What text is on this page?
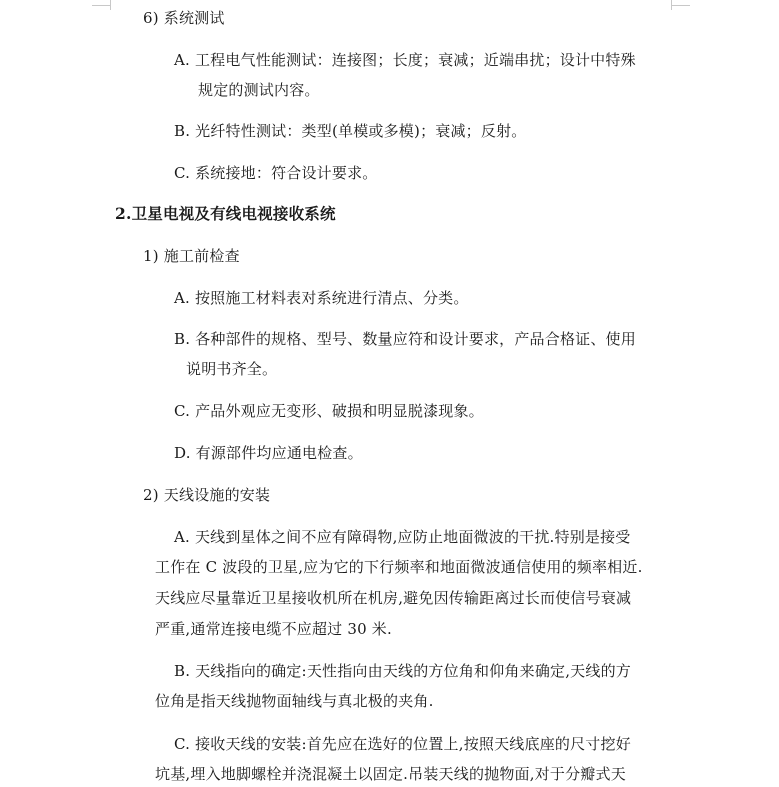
6) 系统测试
A. 工程电气性能测试：连接图；长度；衰减；近端串扰；设计中特殊
规定的测试内容。
B. 光纤特性测试：类型(单模或多模)；衰减；反射。
C. 系统接地：符合设计要求。
2.卫星电视及有线电视接收系统
1) 施工前检查
A. 按照施工材料表对系统进行清点、分类。
B. 各种部件的规格、型号、数量应符和设计要求，产品合格证、使用
说明书齐全。
C. 产品外观应无变形、破损和明显脱漆现象。
D. 有源部件均应通电检查。
2) 天线设施的安装
A. 天线到星体之间不应有障碍物,应防止地面微波的干扰.特别是接受
工作在 C 波段的卫星,应为它的下行频率和地面微波通信使用的频率相近.
天线应尽量靠近卫星接收机所在机房,避免因传输距离过长而使信号衰减
严重,通常连接电缆不应超过 30 米.
B. 天线指向的确定:天性指向由天线的方位角和仰角来确定,天线的方
位角是指天线抛物面轴线与真北极的夹角.
C. 接收天线的安装:首先应在选好的位置上,按照天线底座的尺寸挖好
坑基,埋入地脚螺栓并浇混凝土以固定.吊装天线的抛物面,对于分瓣式天
